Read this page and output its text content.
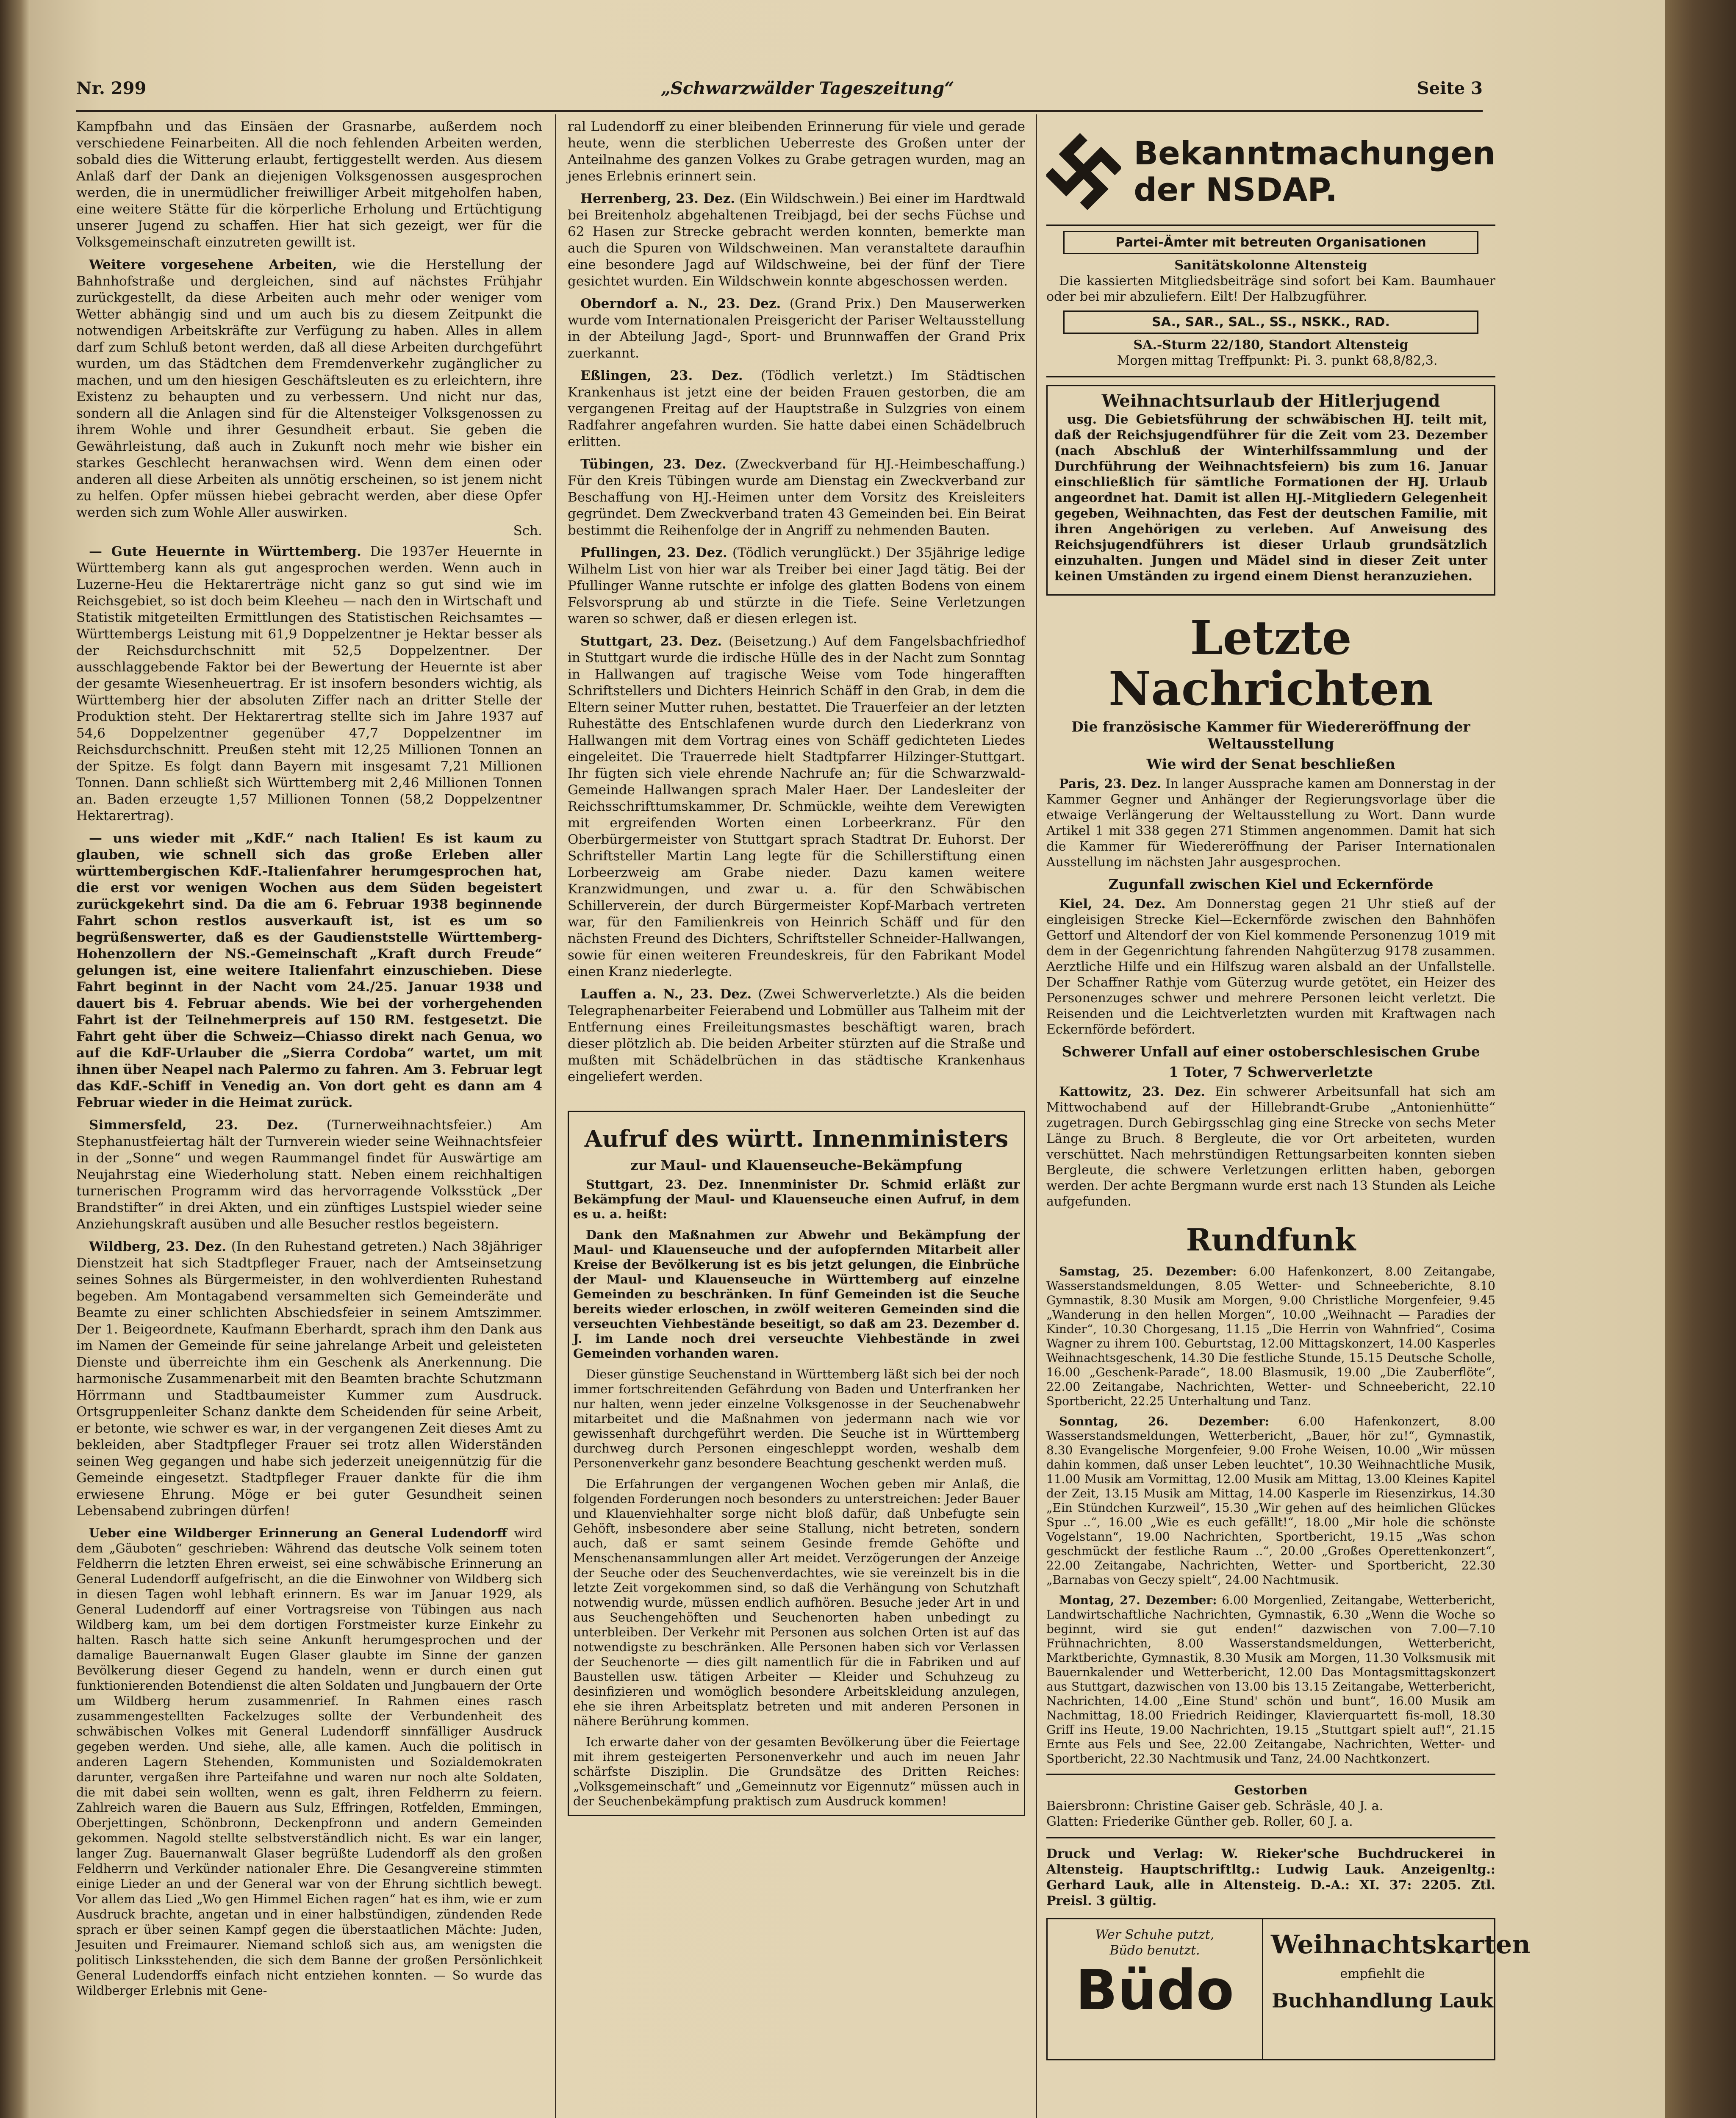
Nr. 299	„Schwarzwälder Tageszeitung“	Seite 3

Kampfbahn und das Einsäen der Grasnarbe, außerdem noch verschiedene Feinarbeiten. All die noch fehlenden Arbeiten werden, sobald dies die Witterung erlaubt, fertiggestellt werden. Aus diesem Anlaß darf der Dank an diejenigen Volksgenossen ausgesprochen werden, die in unermüdlicher freiwilliger Arbeit mitgeholfen haben, eine weitere Stätte für die körperliche Erholung und Ertüchtigung unserer Jugend zu schaffen. Hier hat sich gezeigt, wer für die Volksgemeinschaft einzutreten gewillt ist.

Weitere vorgesehene Arbeiten, wie die Herstellung der Bahnhofstraße und dergleichen, sind auf nächstes Frühjahr zurückgestellt, da diese Arbeiten auch mehr oder weniger vom Wetter abhängig sind und um auch bis zu diesem Zeitpunkt die notwendigen Arbeitskräfte zur Verfügung zu haben. Alles in allem darf zum Schluß betont werden, daß all diese Arbeiten durchgeführt wurden, um das Städtchen dem Fremdenverkehr zugänglicher zu machen, und um den hiesigen Geschäftsleuten es zu erleichtern, ihre Existenz zu behaupten und zu verbessern. Und nicht nur das, sondern all die Anlagen sind für die Altensteiger Volksgenossen zu ihrem Wohle und ihrer Gesundheit erbaut. Sie geben die Gewährleistung, daß auch in Zukunft noch mehr wie bisher ein starkes Geschlecht heranwachsen wird. Wenn dem einen oder anderen all diese Arbeiten als unnötig erscheinen, so ist jenem nicht zu helfen. Opfer müssen hiebei gebracht werden, aber diese Opfer werden sich zum Wohle Aller auswirken.

Sch.

— Gute Heuernte in Württemberg. Die 1937er Heuernte in Württemberg kann als gut angesprochen werden. Wenn auch in Luzerne-Heu die Hektarerträge nicht ganz so gut sind wie im Reichsgebiet, so ist doch beim Kleeheu — nach den in Wirtschaft und Statistik mitgeteilten Ermittlungen des Statistischen Reichsamtes — Württembergs Leistung mit 61,9 Doppelzentner je Hektar besser als der Reichsdurchschnitt mit 52,5 Doppelzentner. Der ausschlaggebende Faktor bei der Bewertung der Heuernte ist aber der gesamte Wiesenheuertrag. Er ist insofern besonders wichtig, als Württemberg hier der absoluten Ziffer nach an dritter Stelle der Produktion steht. Der Hektarertrag stellte sich im Jahre 1937 auf 54,6 Doppelzentner gegenüber 47,7 Doppelzentner im Reichsdurchschnitt. Preußen steht mit 12,25 Millionen Tonnen an der Spitze. Es folgt dann Bayern mit insgesamt 7,21 Millionen Tonnen. Dann schließt sich Württemberg mit 2,46 Millionen Tonnen an. Baden erzeugte 1,57 Millionen Tonnen (58,2 Doppelzentner Hektarertrag).

— uns wieder mit „KdF.“ nach Italien! Es ist kaum zu glauben, wie schnell sich das große Erleben aller württembergischen KdF.-Italienfahrer herumgesprochen hat, die erst vor wenigen Wochen aus dem Süden begeistert zurückgekehrt sind. Da die am 6. Februar 1938 beginnende Fahrt schon restlos ausverkauft ist, ist es um so begrüßenswerter, daß es der Gaudienststelle Württemberg-Hohenzollern der NS.-Gemeinschaft „Kraft durch Freude“ gelungen ist, eine weitere Italienfahrt einzuschieben. Diese Fahrt beginnt in der Nacht vom 24./25. Januar 1938 und dauert bis 4. Februar abends. Wie bei der vorhergehenden Fahrt ist der Teilnehmerpreis auf 150 RM. festgesetzt. Die Fahrt geht über die Schweiz—Chiasso direkt nach Genua, wo auf die KdF-Urlauber die „Sierra Cordoba“ wartet, um mit ihnen über Neapel nach Palermo zu fahren. Am 3. Februar legt das KdF.-Schiff in Venedig an. Von dort geht es dann am 4 Februar wieder in die Heimat zurück.

Simmersfeld, 23. Dez. (Turnerweihnachtsfeier.) Am Stephanustfeiertag hält der Turnverein wieder seine Weihnachtsfeier in der „Sonne“ und wegen Raummangel findet für Auswärtige am Neujahrstag eine Wiederholung statt. Neben einem reichhaltigen turnerischen Programm wird das hervorragende Volksstück „Der Brandstifter“ in drei Akten, und ein zünftiges Lustspiel wieder seine Anziehungskraft ausüben und alle Besucher restlos begeistern.

Wildberg, 23. Dez. (In den Ruhestand getreten.) Nach 38jähriger Dienstzeit hat sich Stadtpfleger Frauer, nach der Amtseinsetzung seines Sohnes als Bürgermeister, in den wohlverdienten Ruhestand begeben. Am Montagabend versammelten sich Gemeinderäte und Beamte zu einer schlichten Abschiedsfeier in seinem Amtszimmer. Der 1. Beigeordnete, Kaufmann Eberhardt, sprach ihm den Dank aus im Namen der Gemeinde für seine jahrelange Arbeit und geleisteten Dienste und überreichte ihm ein Geschenk als Anerkennung. Die harmonische Zusammenarbeit mit den Beamten brachte Schutzmann Hörrmann und Stadtbaumeister Kummer zum Ausdruck. Ortsgruppenleiter Schanz dankte dem Scheidenden für seine Arbeit, er betonte, wie schwer es war, in der vergangenen Zeit dieses Amt zu bekleiden, aber Stadtpfleger Frauer sei trotz allen Widerständen seinen Weg gegangen und habe sich jederzeit uneigennützig für die Gemeinde eingesetzt. Stadtpfleger Frauer dankte für die ihm erwiesene Ehrung. Möge er bei guter Gesundheit seinen Lebensabend zubringen dürfen!

Ueber eine Wildberger Erinnerung an General Ludendorff wird dem „Gäuboten“ geschrieben: Während das deutsche Volk seinem toten Feldherrn die letzten Ehren erweist, sei eine schwäbische Erinnerung an General Ludendorff aufgefrischt, an die die Einwohner von Wildberg sich in diesen Tagen wohl lebhaft erinnern. Es war im Januar 1929, als General Ludendorff auf einer Vortragsreise von Tübingen aus nach Wildberg kam, um bei dem dortigen Forstmeister kurze Einkehr zu halten. Rasch hatte sich seine Ankunft herumgesprochen und der damalige Bauernanwalt Eugen Glaser glaubte im Sinne der ganzen Bevölkerung dieser Gegend zu handeln, wenn er durch einen gut funktionierenden Botendienst die alten Soldaten und Jungbauern der Orte um Wildberg herum zusammenrief. In Rahmen eines rasch zusammengestellten Fackelzuges sollte der Verbundenheit des schwäbischen Volkes mit General Ludendorff sinnfälliger Ausdruck gegeben werden. Und siehe, alle, alle kamen. Auch die politisch in anderen Lagern Stehenden, Kommunisten und Sozialdemokraten darunter, vergaßen ihre Parteifahne und waren nur noch alte Soldaten, die mit dabei sein wollten, wenn es galt, ihren Feldherrn zu feiern. Zahlreich waren die Bauern aus Sulz, Effringen, Rotfelden, Emmingen, Oberjettingen, Schönbronn, Deckenpfronn und andern Gemeinden gekommen. Nagold stellte selbstverständlich nicht. Es war ein langer, langer Zug. Bauernanwalt Glaser begrüßte Ludendorff als den großen Feldherrn und Verkünder nationaler Ehre. Die Gesangvereine stimmten einige Lieder an und der General war von der Ehrung sichtlich bewegt. Vor allem das Lied „Wo gen Himmel Eichen ragen“ hat es ihm, wie er zum Ausdruck brachte, angetan und in einer halbstündigen, zündenden Rede sprach er über seinen Kampf gegen die überstaatlichen Mächte: Juden, Jesuiten und Freimaurer. Niemand schloß sich aus, am wenigsten die politisch Linksstehenden, die sich dem Banne der großen Persönlichkeit General Ludendorffs einfach nicht entziehen konnten. — So wurde das Wildberger Erlebnis mit Gene-

ral Ludendorff zu einer bleibenden Erinnerung für viele und gerade heute, wenn die sterblichen Ueberreste des Großen unter der Anteilnahme des ganzen Volkes zu Grabe getragen wurden, mag an jenes Erlebnis erinnert sein.

Herrenberg, 23. Dez. (Ein Wildschwein.) Bei einer im Hardtwald bei Breitenholz abgehaltenen Treibjagd, bei der sechs Füchse und 62 Hasen zur Strecke gebracht werden konnten, bemerkte man auch die Spuren von Wildschweinen. Man veranstaltete daraufhin eine besondere Jagd auf Wildschweine, bei der fünf der Tiere gesichtet wurden. Ein Wildschwein konnte abgeschossen werden.

Oberndorf a. N., 23. Dez. (Grand Prix.) Den Mauserwerken wurde vom Internationalen Preisgericht der Pariser Weltausstellung in der Abteilung Jagd-, Sport- und Brunnwaffen der Grand Prix zuerkannt.

Eßlingen, 23. Dez. (Tödlich verletzt.) Im Städtischen Krankenhaus ist jetzt eine der beiden Frauen gestorben, die am vergangenen Freitag auf der Hauptstraße in Sulzgries von einem Radfahrer angefahren wurden. Sie hatte dabei einen Schädelbruch erlitten.

Tübingen, 23. Dez. (Zweckverband für HJ.-Heimbeschaffung.) Für den Kreis Tübingen wurde am Dienstag ein Zweckverband zur Beschaffung von HJ.-Heimen unter dem Vorsitz des Kreisleiters gegründet. Dem Zweckverband traten 43 Gemeinden bei. Ein Beirat bestimmt die Reihenfolge der in Angriff zu nehmenden Bauten.

Pfullingen, 23. Dez. (Tödlich verunglückt.) Der 35jährige ledige Wilhelm List von hier war als Treiber bei einer Jagd tätig. Bei der Pfullinger Wanne rutschte er infolge des glatten Bodens von einem Felsvorsprung ab und stürzte in die Tiefe. Seine Verletzungen waren so schwer, daß er diesen erlegen ist.

Stuttgart, 23. Dez. (Beisetzung.) Auf dem Fangelsbachfriedhof in Stuttgart wurde die irdische Hülle des in der Nacht zum Sonntag in Hallwangen auf tragische Weise vom Tode hingerafften Schriftstellers und Dichters Heinrich Schäff in den Grab, in dem die Eltern seiner Mutter ruhen, bestattet. Die Trauerfeier an der letzten Ruhestätte des Entschlafenen wurde durch den Liederkranz von Hallwangen mit dem Vortrag eines von Schäff gedichteten Liedes eingeleitet. Die Trauerrede hielt Stadtpfarrer Hilzinger-Stuttgart. Ihr fügten sich viele ehrende Nachrufe an; für die Schwarzwald-Gemeinde Hallwangen sprach Maler Haer. Der Landesleiter der Reichsschrifttumskammer, Dr. Schmückle, weihte dem Verewigten mit ergreifenden Worten einen Lorbeerkranz. Für den Oberbürgermeister von Stuttgart sprach Stadtrat Dr. Euhorst. Der Schriftsteller Martin Lang legte für die Schillerstiftung einen Lorbeerzweig am Grabe nieder. Dazu kamen weitere Kranzwidmungen, und zwar u. a. für den Schwäbischen Schillerverein, der durch Bürgermeister Kopf-Marbach vertreten war, für den Familienkreis von Heinrich Schäff und für den nächsten Freund des Dichters, Schriftsteller Schneider-Hallwangen, sowie für einen weiteren Freundeskreis, für den Fabrikant Model einen Kranz niederlegte.

Lauffen a. N., 23. Dez. (Zwei Schwerverletzte.) Als die beiden Telegraphenarbeiter Feierabend und Lobmüller aus Talheim mit der Entfernung eines Freileitungsmastes beschäftigt waren, brach dieser plötzlich ab. Die beiden Arbeiter stürzten auf die Straße und mußten mit Schädelbrüchen in das städtische Krankenhaus eingeliefert werden.

Aufruf des württ. Innenministers
zur Maul- und Klauenseuche-Bekämpfung

Stuttgart, 23. Dez. Innenminister Dr. Schmid erläßt zur Bekämpfung der Maul- und Klauenseuche einen Aufruf, in dem es u. a. heißt:

Dank den Maßnahmen zur Abwehr und Bekämpfung der Maul- und Klauenseuche und der aufopfernden Mitarbeit aller Kreise der Bevölkerung ist es bis jetzt gelungen, die Einbrüche der Maul- und Klauenseuche in Württemberg auf einzelne Gemeinden zu beschränken. In fünf Gemeinden ist die Seuche bereits wieder erloschen, in zwölf weiteren Gemeinden sind die verseuchten Viehbestände beseitigt, so daß am 23. Dezember d. J. im Lande noch drei verseuchte Viehbestände in zwei Gemeinden vorhanden waren.

Dieser günstige Seuchenstand in Württemberg läßt sich bei der noch immer fortschreitenden Gefährdung von Baden und Unterfranken her nur halten, wenn jeder einzelne Volksgenosse in der Seuchenabwehr mitarbeitet und die Maßnahmen von jedermann nach wie vor gewissenhaft durchgeführt werden. Die Seuche ist in Württemberg durchweg durch Personen eingeschleppt worden, weshalb dem Personenverkehr ganz besondere Beachtung geschenkt werden muß.

Die Erfahrungen der vergangenen Wochen geben mir Anlaß, die folgenden Forderungen noch besonders zu unterstreichen: Jeder Bauer und Klauenviehhalter sorge nicht bloß dafür, daß Unbefugte sein Gehöft, insbesondere aber seine Stallung, nicht betreten, sondern auch, daß er samt seinem Gesinde fremde Gehöfte und Menschenansammlungen aller Art meidet. Verzögerungen der Anzeige der Seuche oder des Seuchenverdachtes, wie sie vereinzelt bis in die letzte Zeit vorgekommen sind, so daß die Verhängung von Schutzhaft notwendig wurde, müssen endlich aufhören. Besuche jeder Art in und aus Seuchengehöften und Seuchenorten haben unbedingt zu unterbleiben. Der Verkehr mit Personen aus solchen Orten ist auf das notwendigste zu beschränken. Alle Personen haben sich vor Verlassen der Seuchenorte — dies gilt namentlich für die in Fabriken und auf Baustellen usw. tätigen Arbeiter — Kleider und Schuhzeug zu desinfizieren und womöglich besondere Arbeitskleidung anzulegen, ehe sie ihren Arbeitsplatz betreten und mit anderen Personen in nähere Berührung kommen.

Ich erwarte daher von der gesamten Bevölkerung über die Feiertage mit ihrem gesteigerten Personenverkehr und auch im neuen Jahr schärfste Disziplin. Die Grundsätze des Dritten Reiches: „Volksgemeinschaft“ und „Gemeinnutz vor Eigennutz“ müssen auch in der Seuchenbekämpfung praktisch zum Ausdruck kommen!

Bekanntmachungen
der NSDAP.
Partei-Ämter mit betreuten Organisationen
Sanitätskolonne Altensteig

Die kassierten Mitgliedsbeiträge sind sofort bei Kam. Baumhauer oder bei mir abzuliefern. Eilt! Der Halbzugführer.

SA., SAR., SAL., SS., NSKK., RAD.
SA.-Sturm 22/180, Standort Altensteig

Morgen mittag Treffpunkt: Pi. 3. punkt 68,8/82,3.

Weihnachtsurlaub der Hitlerjugend

usg. Die Gebietsführung der schwäbischen HJ. teilt mit, daß der Reichsjugendführer für die Zeit vom 23. Dezember (nach Abschluß der Winterhilfssammlung und der Durchführung der Weihnachtsfeiern) bis zum 16. Januar einschließlich für sämtliche Formationen der HJ. Urlaub angeordnet hat. Damit ist allen HJ.-Mitgliedern Gelegenheit gegeben, Weihnachten, das Fest der deutschen Familie, mit ihren Angehörigen zu verleben. Auf Anweisung des Reichsjugendführers ist dieser Urlaub grundsätzlich einzuhalten. Jungen und Mädel sind in dieser Zeit unter keinen Umständen zu irgend einem Dienst heranzuziehen.

Letzte Nachrichten
Die französische Kammer für Wiedereröffnung der Weltausstellung
Wie wird der Senat beschließen

Paris, 23. Dez. In langer Aussprache kamen am Donnerstag in der Kammer Gegner und Anhänger der Regierungsvorlage über die etwaige Verlängerung der Weltausstellung zu Wort. Dann wurde Artikel 1 mit 338 gegen 271 Stimmen angenommen. Damit hat sich die Kammer für Wiedereröffnung der Pariser Internationalen Ausstellung im nächsten Jahr ausgesprochen.

Zugunfall zwischen Kiel und Eckernförde

Kiel, 24. Dez. Am Donnerstag gegen 21 Uhr stieß auf der eingleisigen Strecke Kiel—Eckernförde zwischen den Bahnhöfen Gettorf und Altendorf der von Kiel kommende Personenzug 1019 mit dem in der Gegenrichtung fahrenden Nahgüterzug 9178 zusammen. Aerztliche Hilfe und ein Hilfszug waren alsbald an der Unfallstelle. Der Schaffner Rathje vom Güterzug wurde getötet, ein Heizer des Personenzuges schwer und mehrere Personen leicht verletzt. Die Reisenden und die Leichtverletzten wurden mit Kraftwagen nach Eckernförde befördert.

Schwerer Unfall auf einer ostoberschlesischen Grube
1 Toter, 7 Schwerverletzte

Kattowitz, 23. Dez. Ein schwerer Arbeitsunfall hat sich am Mittwochabend auf der Hillebrandt-Grube „Antonienhütte“ zugetragen. Durch Gebirgsschlag ging eine Strecke von sechs Meter Länge zu Bruch. 8 Bergleute, die vor Ort arbeiteten, wurden verschüttet. Nach mehrstündigen Rettungsarbeiten konnten sieben Bergleute, die schwere Verletzungen erlitten haben, geborgen werden. Der achte Bergmann wurde erst nach 13 Stunden als Leiche aufgefunden.

Rundfunk

Samstag, 25. Dezember: 6.00 Hafenkonzert, 8.00 Zeitangabe, Wasserstandsmeldungen, 8.05 Wetter- und Schneeberichte, 8.10 Gymnastik, 8.30 Musik am Morgen, 9.00 Christliche Morgenfeier, 9.45 „Wanderung in den hellen Morgen“, 10.00 „Weihnacht — Paradies der Kinder“, 10.30 Chorgesang, 11.15 „Die Herrin von Wahnfried“, Cosima Wagner zu ihrem 100. Geburtstag, 12.00 Mittagskonzert, 14.00 Kasperles Weihnachtsgeschenk, 14.30 Die festliche Stunde, 15.15 Deutsche Scholle, 16.00 „Geschenk-Parade“, 18.00 Blasmusik, 19.00 „Die Zauberflöte“, 22.00 Zeitangabe, Nachrichten, Wetter- und Schneebericht, 22.10 Sportbericht, 22.25 Unterhaltung und Tanz.

Sonntag, 26. Dezember: 6.00 Hafenkonzert, 8.00 Wasserstandsmeldungen, Wetterbericht, „Bauer, hör zu!“, Gymnastik, 8.30 Evangelische Morgenfeier, 9.00 Frohe Weisen, 10.00 „Wir müssen dahin kommen, daß unser Leben leuchtet“, 10.30 Weihnachtliche Musik, 11.00 Musik am Vormittag, 12.00 Musik am Mittag, 13.00 Kleines Kapitel der Zeit, 13.15 Musik am Mittag, 14.00 Kasperle im Riesenzirkus, 14.30 „Ein Stündchen Kurzweil“, 15.30 „Wir gehen auf des heimlichen Glückes Spur ..“, 16.00 „Wie es euch gefällt!“, 18.00 „Mir hole die schönste Vogelstann“, 19.00 Nachrichten, Sportbericht, 19.15 „Was schon geschmückt der festliche Raum ..“, 20.00 „Großes Operettenkonzert“, 22.00 Zeitangabe, Nachrichten, Wetter- und Sportbericht, 22.30 „Barnabas von Geczy spielt“, 24.00 Nachtmusik.

Montag, 27. Dezember: 6.00 Morgenlied, Zeitangabe, Wetterbericht, Landwirtschaftliche Nachrichten, Gymnastik, 6.30 „Wenn die Woche so beginnt, wird sie gut enden!“ dazwischen von 7.00—7.10 Frühnachrichten, 8.00 Wasserstandsmeldungen, Wetterbericht, Marktberichte, Gymnastik, 8.30 Musik am Morgen, 11.30 Volksmusik mit Bauernkalender und Wetterbericht, 12.00 Das Montagsmittagskonzert aus Stuttgart, dazwischen von 13.00 bis 13.15 Zeitangabe, Wetterbericht, Nachrichten, 14.00 „Eine Stund' schön und bunt“, 16.00 Musik am Nachmittag, 18.00 Friedrich Reidinger, Klavierquartett fis-moll, 18.30 Griff ins Heute, 19.00 Nachrichten, 19.15 „Stuttgart spielt auf!“, 21.15 Ernte aus Fels und See, 22.00 Zeitangabe, Nachrichten, Wetter- und Sportbericht, 22.30 Nachtmusik und Tanz, 24.00 Nachtkonzert.

Gestorben
Baiersbronn: Christine Gaiser geb. Schräsle, 40 J. a.
Glatten: Friederike Günther geb. Roller, 60 J. a.

Druck und Verlag: W. Rieker'sche Buchdruckerei in Altensteig. Hauptschriftltg.: Ludwig Lauk. Anzeigenltg.: Gerhard Lauk, alle in Altensteig. D.-A.: XI. 37: 2205. Ztl. Preisl. 3 gültig.

Wer Schuhe putzt,
Büdo benutzt.
Büdo
Weihnachtskarten
empfiehlt die
Buchhandlung Lauk
